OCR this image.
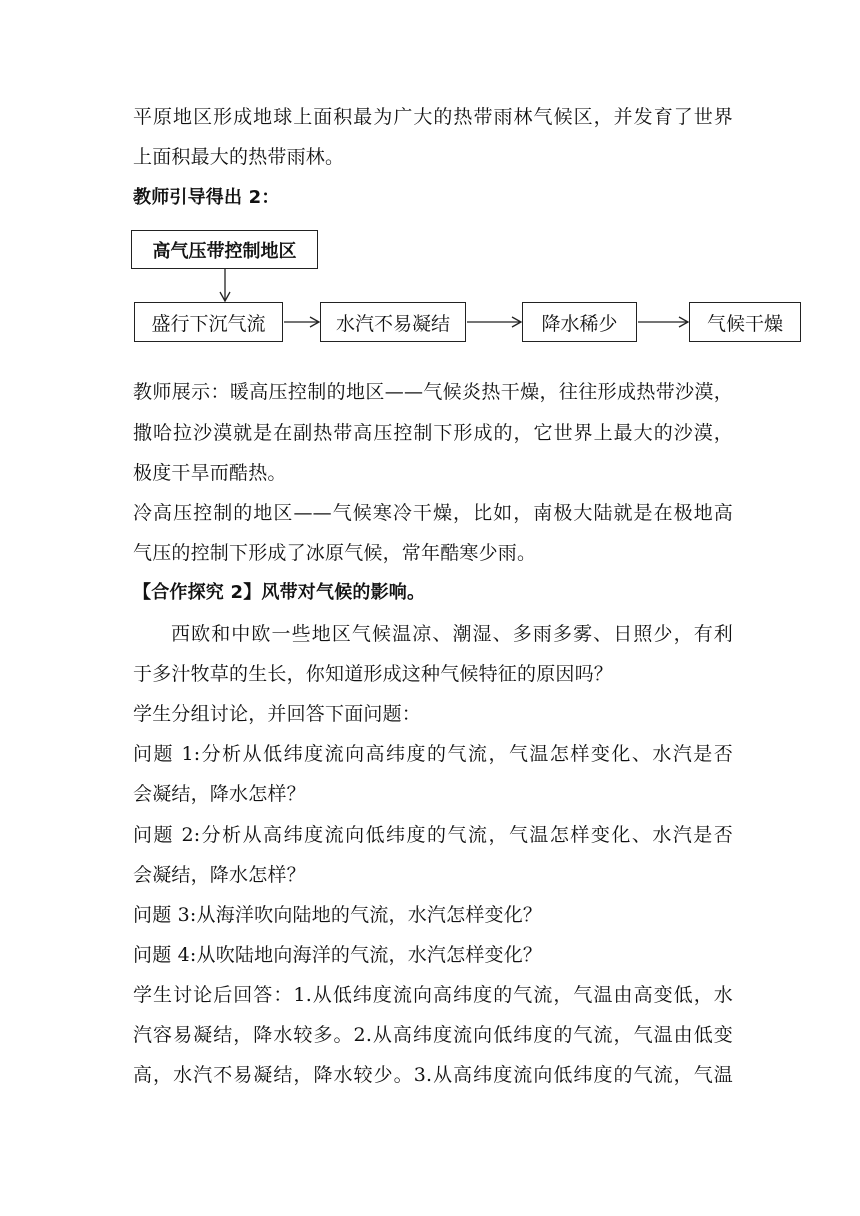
平原地区形成地球上面积最为广大的热带雨林气候区，并发育了世界
上面积最大的热带雨林。
教师引导得出 2：
高气压带控制地区
盛行下沉气流	水汽不易凝结	降水稀少	气候干燥
教师展示：暖高压控制的地区——气候炎热干燥，往往形成热带沙漠，
撒哈拉沙漠就是在副热带高压控制下形成的，它世界上最大的沙漠，
极度干旱而酷热。
冷高压控制的地区——气候寒冷干燥，比如，南极大陆就是在极地高
气压的控制下形成了冰原气候，常年酷寒少雨。
【合作探究 2】风带对气候的影响。
西欧和中欧一些地区气候温凉、潮湿、多雨多雾、日照少，有利
于多汁牧草的生长，你知道形成这种气候特征的原因吗？
学生分组讨论，并回答下面问题：
问题 1:分析从低纬度流向高纬度的气流，气温怎样变化、水汽是否
会凝结，降水怎样？
问题 2:分析从高纬度流向低纬度的气流，气温怎样变化、水汽是否
会凝结，降水怎样？
问题 3:从海洋吹向陆地的气流，水汽怎样变化？
问题 4:从吹陆地向海洋的气流，水汽怎样变化？
学生讨论后回答：1.从低纬度流向高纬度的气流，气温由高变低，水
汽容易凝结，降水较多。2.从高纬度流向低纬度的气流，气温由低变
高，水汽不易凝结，降水较少。3.从高纬度流向低纬度的气流，气温
